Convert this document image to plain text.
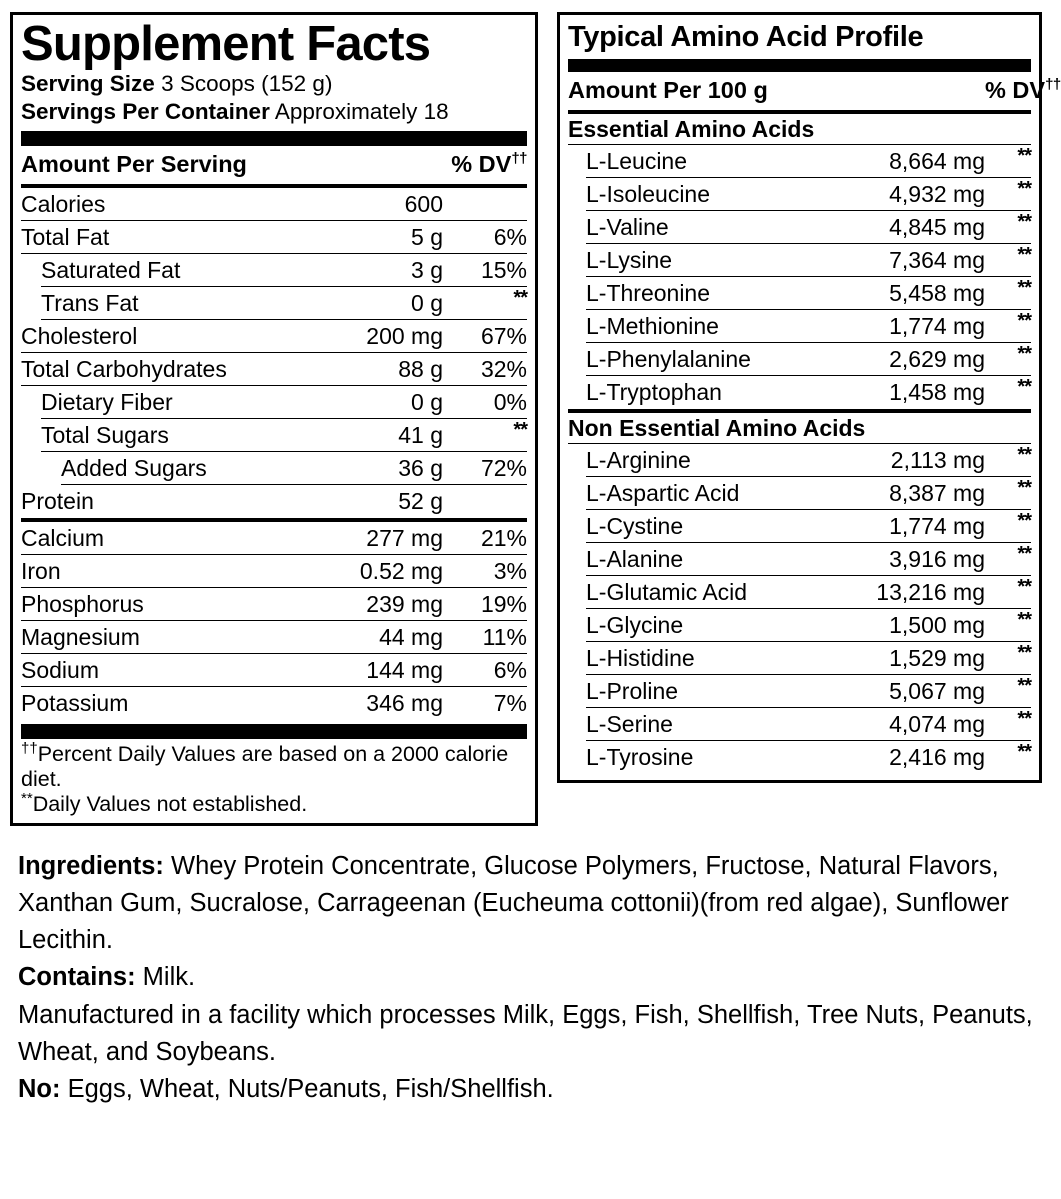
Supplement Facts
Serving Size 3 Scoops (152 g)
Servings Per Container Approximately 18
Amount Per Serving	% DV††
Calories	600
Total Fat	5 g	6%
Saturated Fat	3 g	15%
Trans Fat	0 g	**
Cholesterol	200 mg	67%
Total Carbohydrates	88 g	32%
Dietary Fiber	0 g	0%
Total Sugars	41 g	**
Added Sugars	36 g	72%
Protein	52 g
Calcium	277 mg	21%
Iron	0.52 mg	3%
Phosphorus	239 mg	19%
Magnesium	44 mg	11%
Sodium	144 mg	6%
Potassium	346 mg	7%

††Percent Daily Values are based on a 2000 calorie diet.

**Daily Values not established.

Typical Amino Acid Profile
Amount Per 100 g	% DV††
Essential Amino Acids
L-Leucine	8,664 mg	**
L-Isoleucine	4,932 mg	**
L-Valine	4,845 mg	**
L-Lysine	7,364 mg	**
L-Threonine	5,458 mg	**
L-Methionine	1,774 mg	**
L-Phenylalanine	2,629 mg	**
L-Tryptophan	1,458 mg	**
Non Essential Amino Acids
L-Arginine	2,113 mg	**
L-Aspartic Acid	8,387 mg	**
L-Cystine	1,774 mg	**
L-Alanine	3,916 mg	**
L-Glutamic Acid	13,216 mg	**
L-Glycine	1,500 mg	**
L-Histidine	1,529 mg	**
L-Proline	5,067 mg	**
L-Serine	4,074 mg	**
L-Tyrosine	2,416 mg	**

Ingredients: Whey Protein Concentrate, Glucose Polymers, Fructose, Natural Flavors, Xanthan Gum, Sucralose, Carrageenan (Eucheuma cottonii)(from red algae), Sunflower Lecithin.

Contains: Milk.

Manufactured in a facility which processes Milk, Eggs, Fish, Shellfish, Tree Nuts, Peanuts, Wheat, and Soybeans.

No: Eggs, Wheat, Nuts/Peanuts, Fish/Shellfish.
